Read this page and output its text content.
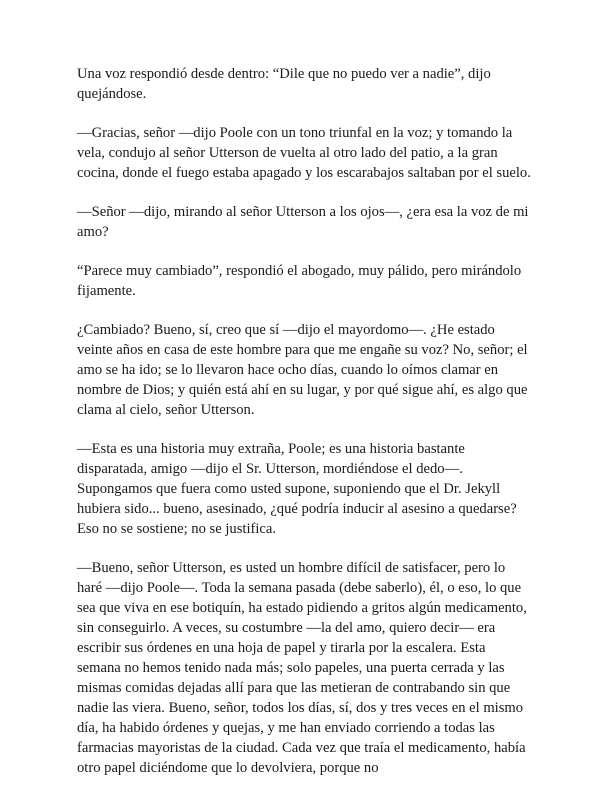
Una voz respondió desde dentro: “Dile que no puedo ver a nadie”, dijo quejándose.

—Gracias, señor —dijo Poole con un tono triunfal en la voz; y tomando la vela, condujo al señor Utterson de vuelta al otro lado del patio, a la gran cocina, donde el fuego estaba apagado y los escarabajos saltaban por el suelo.

—Señor —dijo, mirando al señor Utterson a los ojos—, ¿era esa la voz de mi amo?

“Parece muy cambiado”, respondió el abogado, muy pálido, pero mirándolo fijamente.

¿Cambiado? Bueno, sí, creo que sí —dijo el mayordomo—. ¿He estado veinte años en casa de este hombre para que me engañe su voz? No, señor; el amo se ha ido; se lo llevaron hace ocho días, cuando lo oímos clamar en nombre de Dios; y quién está ahí en su lugar, y por qué sigue ahí, es algo que clama al cielo, señor Utterson.

—Esta es una historia muy extraña, Poole; es una historia bastante disparatada, amigo —dijo el Sr. Utterson, mordiéndose el dedo—. Supongamos que fuera como usted supone, suponiendo que el Dr. Jekyll hubiera sido... bueno, asesinado, ¿qué podría inducir al asesino a quedarse? Eso no se sostiene; no se justifica.

—Bueno, señor Utterson, es usted un hombre difícil de satisfacer, pero lo haré —dijo Poole—. Toda la semana pasada (debe saberlo), él, o eso, lo que sea que viva en ese botiquín, ha estado pidiendo a gritos algún medicamento, sin conseguirlo. A veces, su costumbre —la del amo, quiero decir— era escribir sus órdenes en una hoja de papel y tirarla por la escalera. Esta semana no hemos tenido nada más; solo papeles, una puerta cerrada y las mismas comidas dejadas allí para que las metieran de contrabando sin que nadie las viera. Bueno, señor, todos los días, sí, dos y tres veces en el mismo día, ha habido órdenes y quejas, y me han enviado corriendo a todas las farmacias mayoristas de la ciudad. Cada vez que traía el medicamento, había otro papel diciéndome que lo devolviera, porque no
